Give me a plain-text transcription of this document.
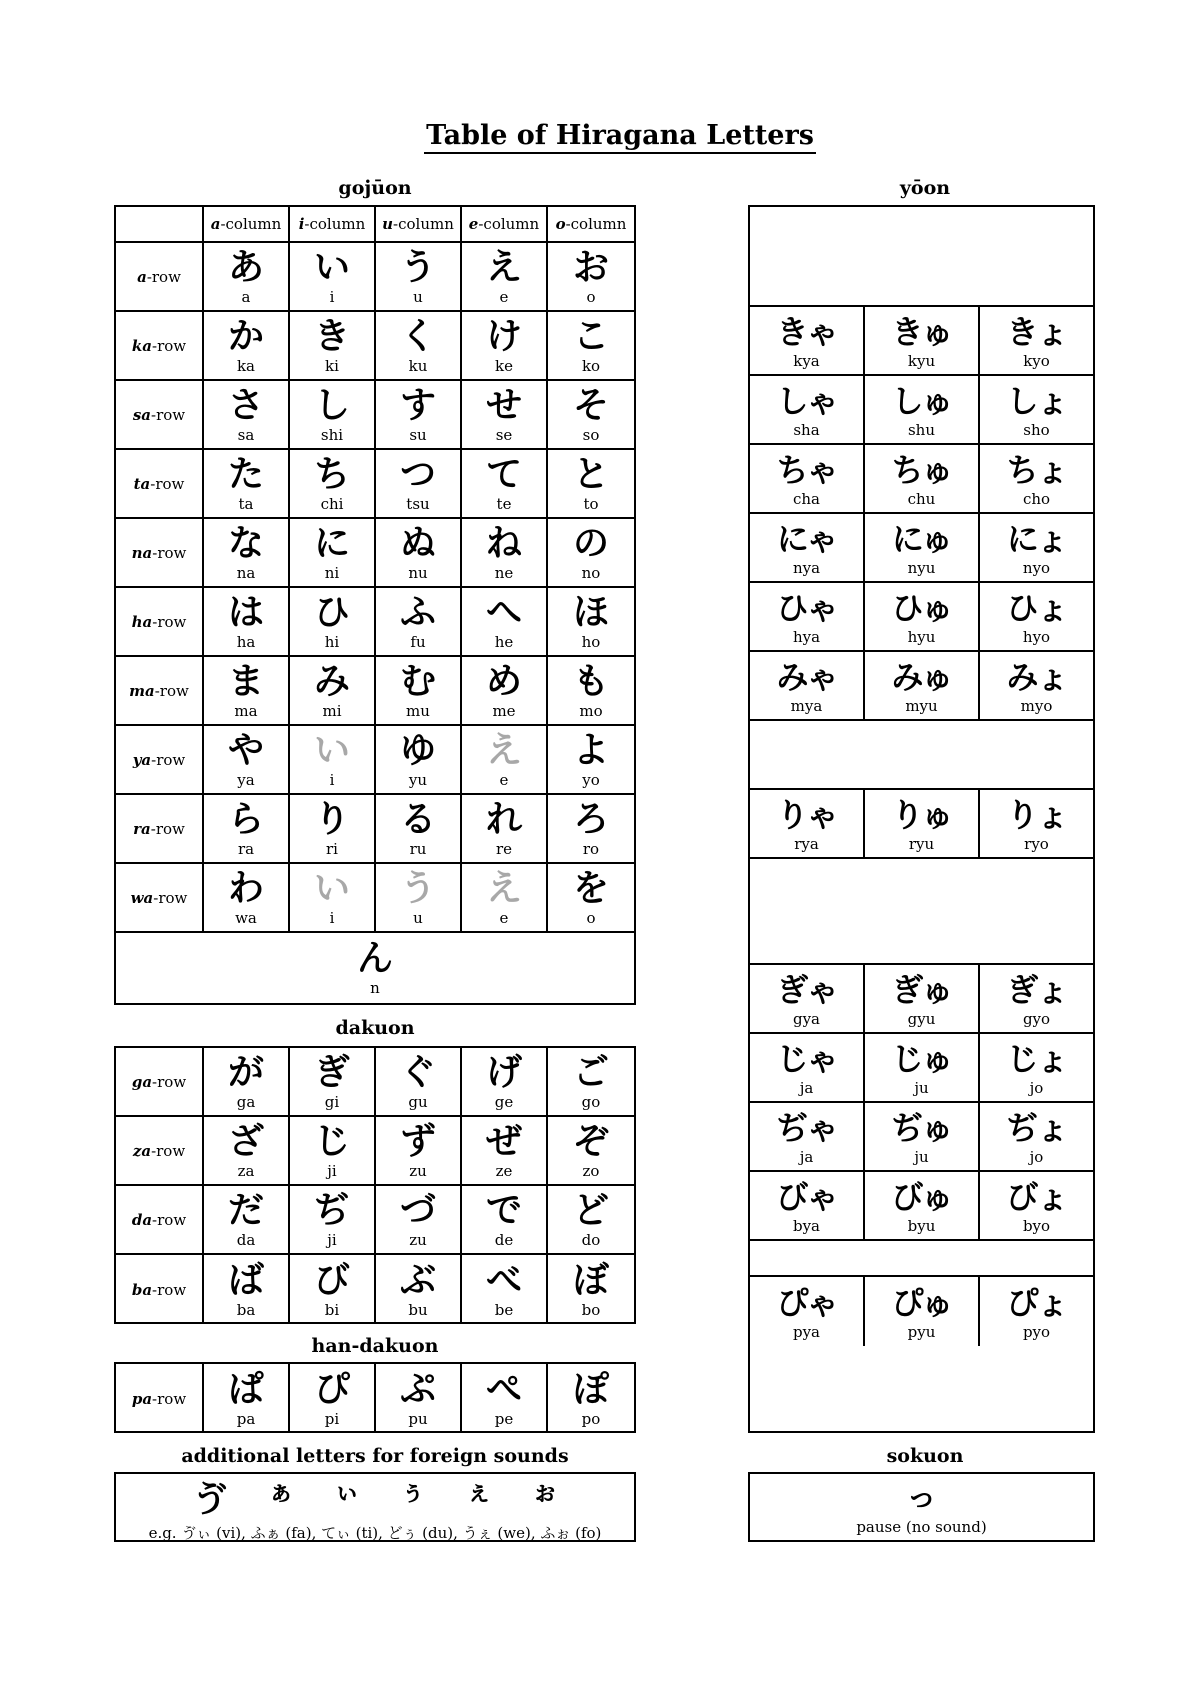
Table of Hiragana Letters
gojūon	yōon
a -column i -column u -column e -column o -column
a -row あ
a
い
i
う
u
え
e
お
o
ka -row か
ka
き
ki
く
ku
け
ke
こ
ko
sa -row さ
sa
し
shi
す
su
せ
se
そ
so
ta -row た
ta
ち
chi
つ
tsu
て
te
と
to
na -row な
na
に
ni
ぬ
nu
ね
ne
の
no
ha -row は
ha
ひ
hi
ふ
fu
へ
he
ほ
ho
ma -row ま
ma
み
mi
む
mu
め
me
も
mo
ya -row や
ya
い
i
ゆ
yu
え
e
よ
yo
ra -row ら
ra
り
ri
る
ru
れ
re
ろ
ro
wa -row わ
wa
い
i
う
u
え
e
を
o
ん
n
dakuon
ga -row が
ga
ぎ
gi
ぐ
gu
げ
ge
ご
go
za -row ざ
za
じ
ji
ず
zu
ぜ
ze
ぞ
zo
da -row だ
da
ぢ
ji
づ
zu
で
de
ど
do
ba -row ば
ba
び
bi
ぶ
bu
べ
be
ぼ
bo
han-dakuon
pa -row ぱ
pa
ぴ
pi
ぷ
pu
ぺ
pe
ぽ
po
きゃ
kya
きゅ
kyu
きょ
kyo
しゃ
sha
しゅ
shu
しょ
sho
ちゃ
cha
ちゅ
chu
ちょ
cho
にゃ
nya
にゅ
nyu
にょ
nyo
ひゃ
hya
ひゅ
hyu
ひょ
hyo
みゃ
mya
みゅ
myu
みょ
myo
りゃ
rya
りゅ
ryu
りょ
ryo
ぎゃ
gya
ぎゅ
gyu
ぎょ
gyo
じゃ
ja
じゅ
ju
じょ
jo
ぢゃ
ja
ぢゅ
ju
ぢょ
jo
びゃ
bya
びゅ
byu
びょ
byo
ぴゃ
pya
ぴゅ
pyu
ぴょ
pyo
additional letters for foreign sounds
ゔ ぁ ぃ ぅ ぇ ぉ
e.g. ゔぃ (vi), ふぁ (fa), てぃ (ti), どぅ (du), うぇ (we), ふぉ (fo)
sokuon
っ
pause (no sound)
